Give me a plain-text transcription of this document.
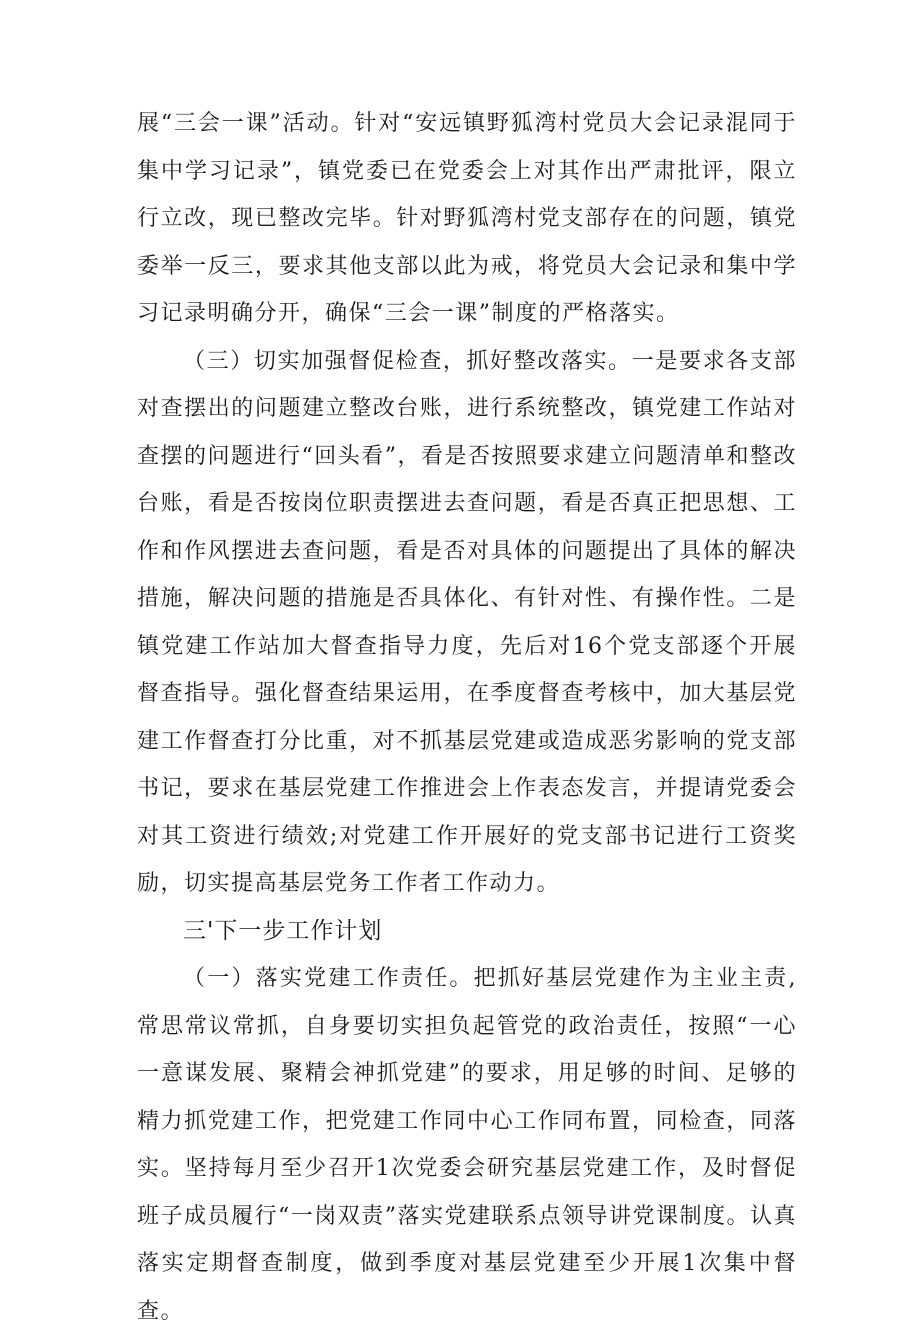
展“三会一课”活动。针对“安远镇野狐湾村党员大会记录混同于集中学习记录”，镇党委已在党委会上对其作出严肃批评，限立行立改，现已整改完毕。针对野狐湾村党支部存在的问题，镇党委举一反三，要求其他支部以此为戒，将党员大会记录和集中学习记录明确分开，确保“三会一课”制度的严格落实。

（三）切实加强督促检查，抓好整改落实。一是要求各支部对查摆出的问题建立整改台账，进行系统整改，镇党建工作站对查摆的问题进行“回头看”，看是否按照要求建立问题清单和整改台账，看是否按岗位职责摆进去查问题，看是否真正把思想、工作和作风摆进去查问题，看是否对具体的问题提出了具体的解决措施，解决问题的措施是否具体化、有针对性、有操作性。二是镇党建工作站加大督查指导力度，先后对16个党支部逐个开展督查指导。强化督查结果运用，在季度督查考核中，加大基层党建工作督查打分比重，对不抓基层党建或造成恶劣影响的党支部书记，要求在基层党建工作推进会上作表态发言，并提请党委会对其工资进行绩效;对党建工作开展好的党支部书记进行工资奖励，切实提高基层党务工作者工作动力。

三'下一步工作计划

（一）落实党建工作责任。把抓好基层党建作为主业主责,常思常议常抓，自身要切实担负起管党的政治责任，按照“一心一意谋发展、聚精会神抓党建”的要求，用足够的时间、足够的精力抓党建工作，把党建工作同中心工作同布置，同检查，同落实。坚持每月至少召开1次党委会研究基层党建工作，及时督促班子成员履行“一岗双责”落实党建联系点领导讲党课制度。认真落实定期督查制度，做到季度对基层党建至少开展1次集中督查。
